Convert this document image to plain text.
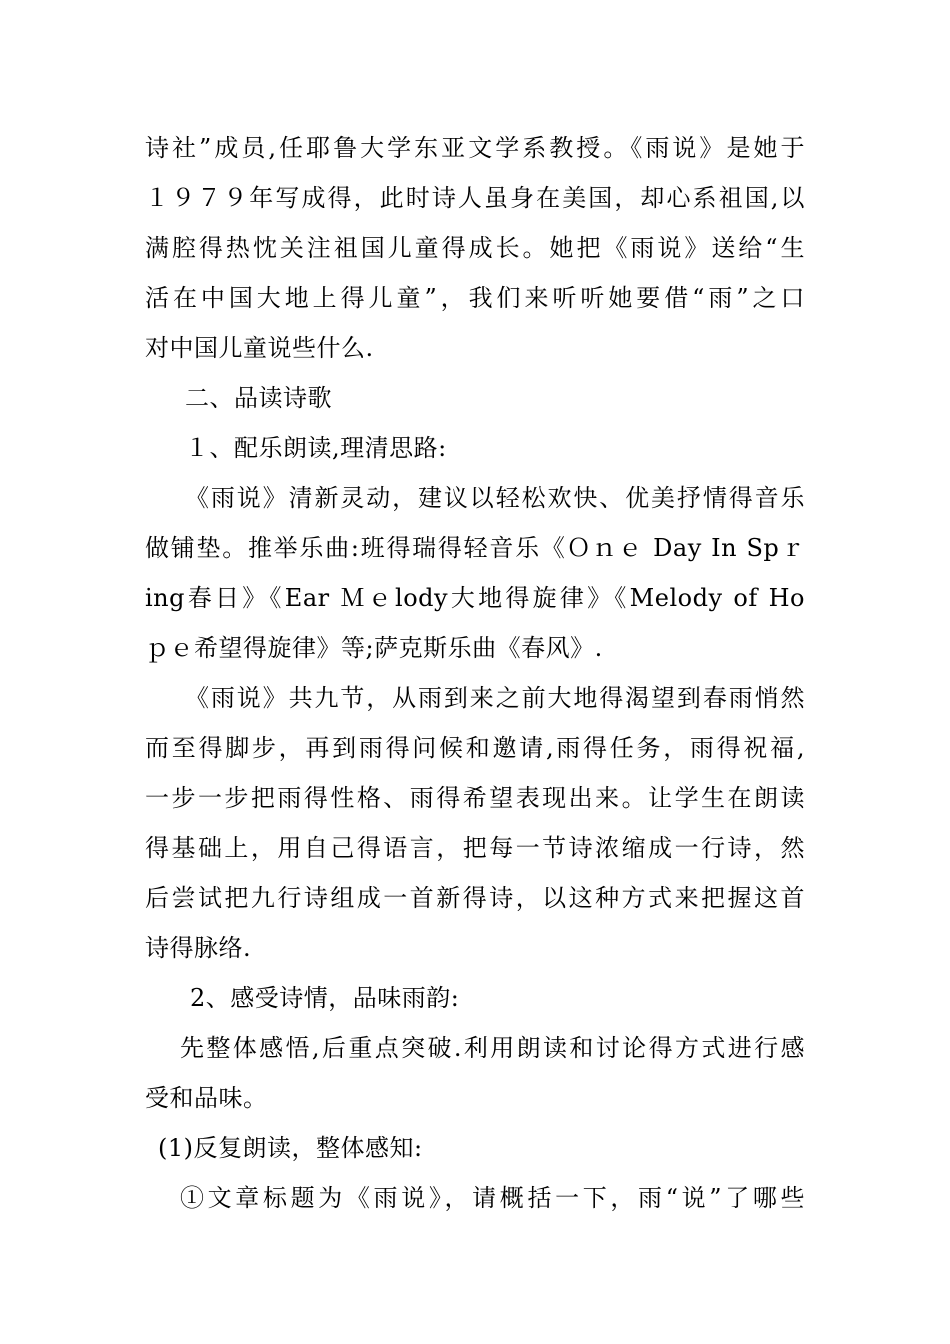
诗社”成员,任耶鲁大学东亚文学系教授。《雨说》是她于
１９７９年写成得，此时诗人虽身在美国，却心系祖国,以
满腔得热忱关注祖国儿童得成长。她把《雨说》送给“生
活在中国大地上得儿童”，我们来听听她要借“雨”之口
对中国儿童说些什么.
二、品读诗歌
１、配乐朗读,理清思路:
《雨说》清新灵动，建议以轻松欢快、优美抒情得音乐
做铺垫。推举乐曲:班得瑞得轻音乐《Ｏｎｅ Day In Spｒ
ing春日》《Ear Ｍｅlody大地得旋律》《Melody of Ho
ｐｅ希望得旋律》等;萨克斯乐曲《春风》.
《雨说》共九节，从雨到来之前大地得渴望到春雨悄然
而至得脚步，再到雨得问候和邀请,雨得任务，雨得祝福,
一步一步把雨得性格、雨得希望表现出来。让学生在朗读
得基础上，用自己得语言，把每一节诗浓缩成一行诗，然
后尝试把九行诗组成一首新得诗，以这种方式来把握这首
诗得脉络.
2、感受诗情，品味雨韵:
先整体感悟,后重点突破.利用朗读和讨论得方式进行感
受和品味。
(1)反复朗读，整体感知:
①文章标题为《雨说》，请概括一下，雨“说”了哪些
